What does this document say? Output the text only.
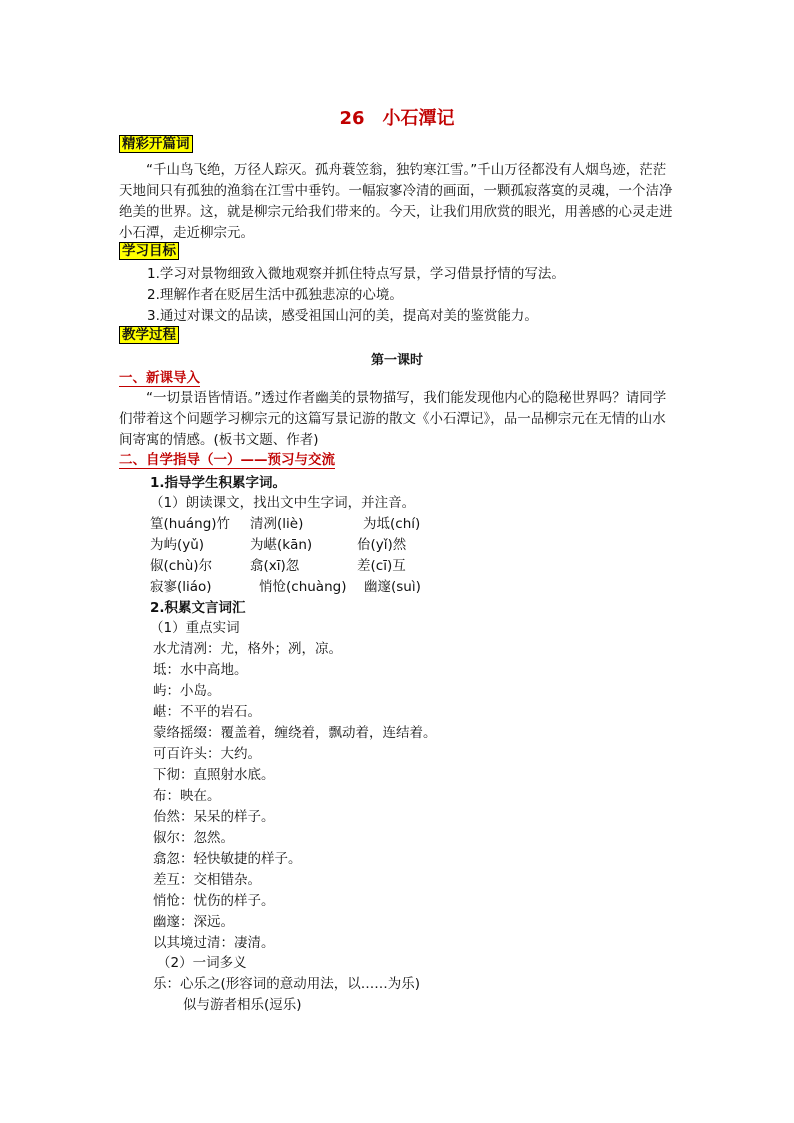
26　小石潭记
精彩开篇词
“千山鸟飞绝，万径人踪灭。孤舟蓑笠翁，独钓寒江雪。”千山万径都没有人烟鸟迹，茫茫天地间只有孤独的渔翁在江雪中垂钓。一幅寂寥冷清的画面，一颗孤寂落寞的灵魂，一个洁净绝美的世界。这，就是柳宗元给我们带来的。今天，让我们用欣赏的眼光，用善感的心灵走进小石潭，走近柳宗元。
学习目标
1.学习对景物细致入微地观察并抓住特点写景，学习借景抒情的写法。
2.理解作者在贬居生活中孤独悲凉的心境。
3.通过对课文的品读，感受祖国山河的美，提高对美的鉴赏能力。
教学过程
第一课时
一、新课导入
“一切景语皆情语。”透过作者幽美的景物描写，我们能发现他内心的隐秘世界吗？请同学们带着这个问题学习柳宗元的这篇写景记游的散文《小石潭记》，品一品柳宗元在无情的山水间寄寓的情感。(板书文题、作者)
二、自学指导（一）——预习与交流
1.指导学生积累字词。
（1）朗读课文，找出文中生字词，并注音。
篁(huáng)竹 清冽(liè)	为坻(chí)
为屿(yǔ)	为嵁(kān)	佁(yǐ)然
俶(chù)尔	翕(xī)忽	差(cī)互
寂寥(liáo)	悄怆(chuàng) 幽邃(suì)
2.积累文言词汇
（1）重点实词
水尤清冽：尤，格外；冽，凉。
坻：水中高地。
屿：小岛。
嵁：不平的岩石。
蒙络摇缀：覆盖着，缠绕着，飘动着，连结着。
可百许头：大约。
下彻：直照射水底。
布：映在。
佁然：呆呆的样子。
俶尔：忽然。
翕忽：轻快敏捷的样子。
差互：交相错杂。
悄怆：忧伤的样子。
幽邃：深远。
以其境过清：凄清。
（2）一词多义
乐：心乐之(形容词的意动用法，以……为乐)
似与游者相乐(逗乐)
